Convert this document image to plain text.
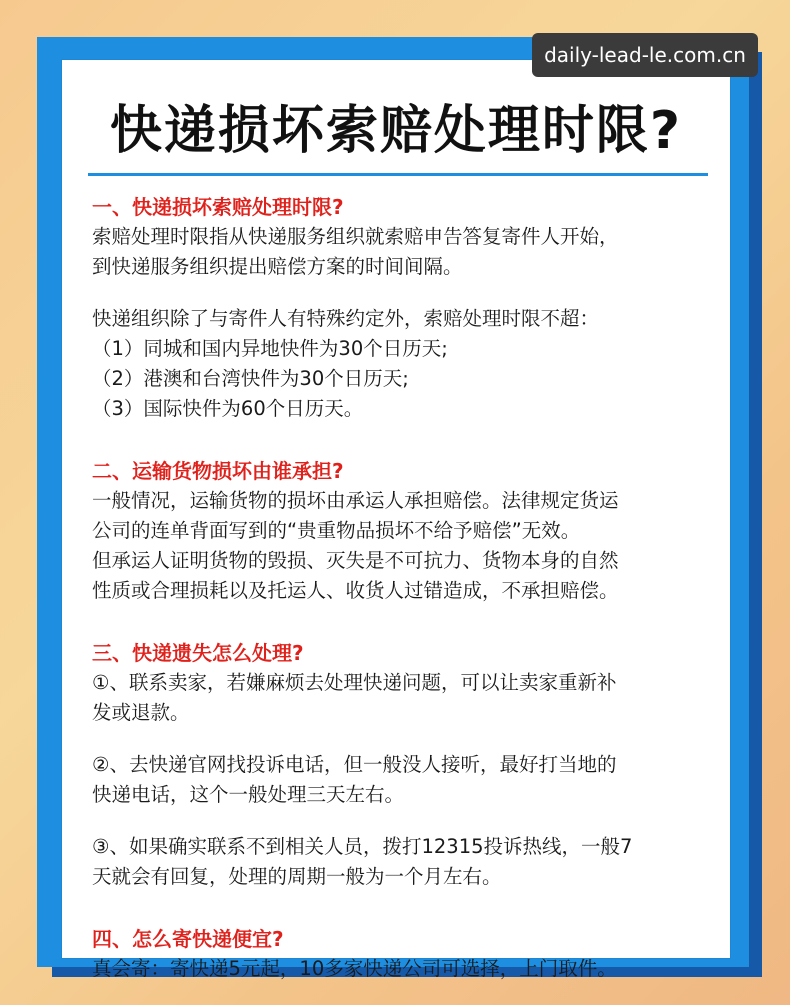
daily-lead-le.com.cn
快递损坏索赔处理时限?
一、快递损坏索赔处理时限?

索赔处理时限指从快递服务组织就索赔申告答复寄件人开始，

到快递服务组织提出赔偿方案的时间间隔。

快递组织除了与寄件人有特殊约定外，索赔处理时限不超：

（1）同城和国内异地快件为30个日历天;

（2）港澳和台湾快件为30个日历天;

（3）国际快件为60个日历天。

二、运输货物损坏由谁承担?

一般情况，运输货物的损坏由承运人承担赔偿。法律规定货运

公司的连单背面写到的“贵重物品损坏不给予赔偿”无效。

但承运人证明货物的毁损、灭失是不可抗力、货物本身的自然

性质或合理损耗以及托运人、收货人过错造成，不承担赔偿。

三、快递遗失怎么处理?

①、联系卖家，若嫌麻烦去处理快递问题，可以让卖家重新补

发或退款。

②、去快递官网找投诉电话，但一般没人接听，最好打当地的

快递电话，这个一般处理三天左右。

③、如果确实联系不到相关人员，拨打12315投诉热线，一般7

天就会有回复，处理的周期一般为一个月左右。

四、怎么寄快递便宜?

真会寄：寄快递5元起，10多家快递公司可选择，上门取件。
